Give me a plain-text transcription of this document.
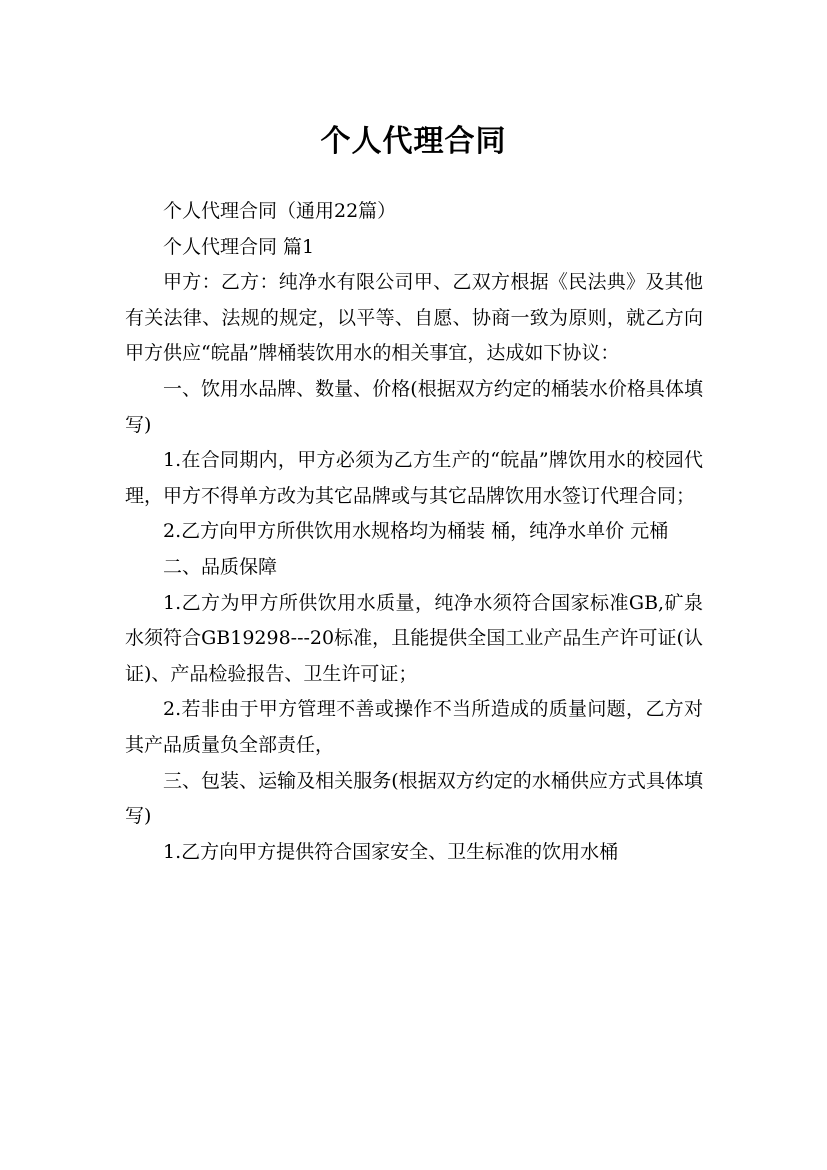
个人代理合同

个人代理合同（通用22篇）

个人代理合同 篇1

甲方：乙方：纯净水有限公司甲、乙双方根据《民法典》及其他有关法律、法规的规定，以平等、自愿、协商一致为原则，就乙方向甲方供应“皖晶”牌桶装饮用水的相关事宜，达成如下协议：

一、饮用水品牌、数量、价格(根据双方约定的桶装水价格具体填写)

1.在合同期内，甲方必须为乙方生产的“皖晶”牌饮用水的校园代理，甲方不得单方改为其它品牌或与其它品牌饮用水签订代理合同；

2.乙方向甲方所供饮用水规格均为桶装 桶，纯净水单价 元桶

二、品质保障

1.乙方为甲方所供饮用水质量，纯净水须符合国家标准GB,矿泉水须符合GB19298---20标准，且能提供全国工业产品生产许可证(认证)、产品检验报告、卫生许可证；

2.若非由于甲方管理不善或操作不当所造成的质量问题，乙方对其产品质量负全部责任，

三、包装、运输及相关服务(根据双方约定的水桶供应方式具体填写)

1.乙方向甲方提供符合国家安全、卫生标准的饮用水桶
